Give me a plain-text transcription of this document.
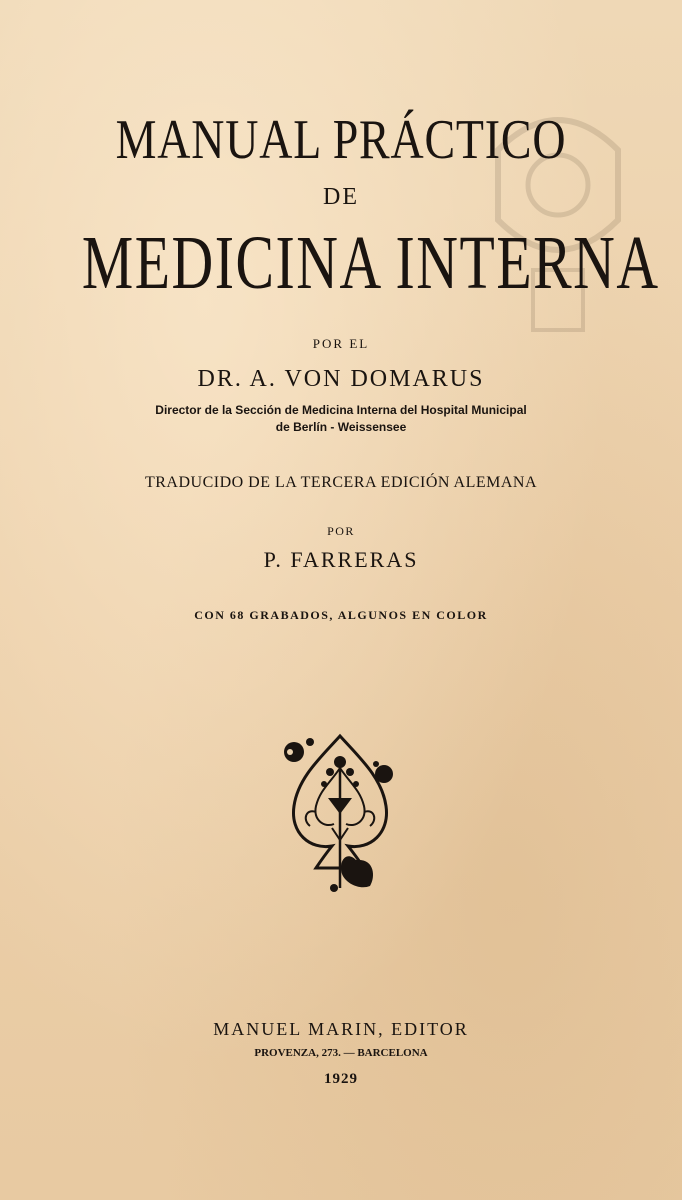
MANUAL PRÁCTICO
DE
MEDICINA INTERNA
POR EL
DR. A. VON DOMARUS
Director de la Sección de Medicina Interna del Hospital Municipal
de Berlín - Weissensee
TRADUCIDO DE LA TERCERA EDICIÓN ALEMANA
POR
P. FARRERAS
CON 68 GRABADOS, ALGUNOS EN COLOR
MANUEL MARIN, EDITOR
PROVENZA, 273. — BARCELONA
1929
